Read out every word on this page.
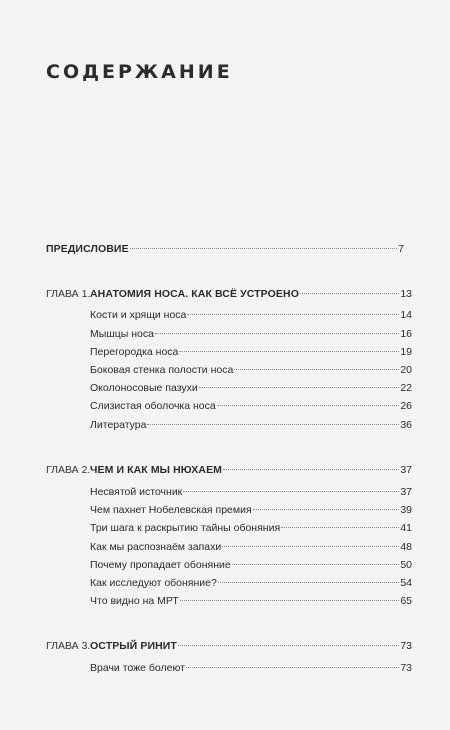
СОДЕРЖАНИЕ
ПРЕДИСЛОВИЕ	7
ГЛАВА 1. АНАТОМИЯ НОСА. КАК ВСЁ УСТРОЕНО	13
Кости и хрящи носа	14
Мышцы носа	16
Перегородка носа	19
Боковая стенка полости носа	20
Околоносовые пазухи	22
Слизистая оболочка носа	26
Литература	36
ГЛАВА 2. ЧЕМ И КАК МЫ НЮХАЕМ	37
Несвятой источник	37
Чем пахнет Нобелевская премия	39
Три шага к раскрытию тайны обоняния	41
Как мы распознаём запахи	48
Почему пропадает обоняние	50
Как исследуют обоняние?	54
Что видно на МРТ	65
ГЛАВА 3. ОСТРЫЙ РИНИТ	73
Врачи тоже болеют	73
